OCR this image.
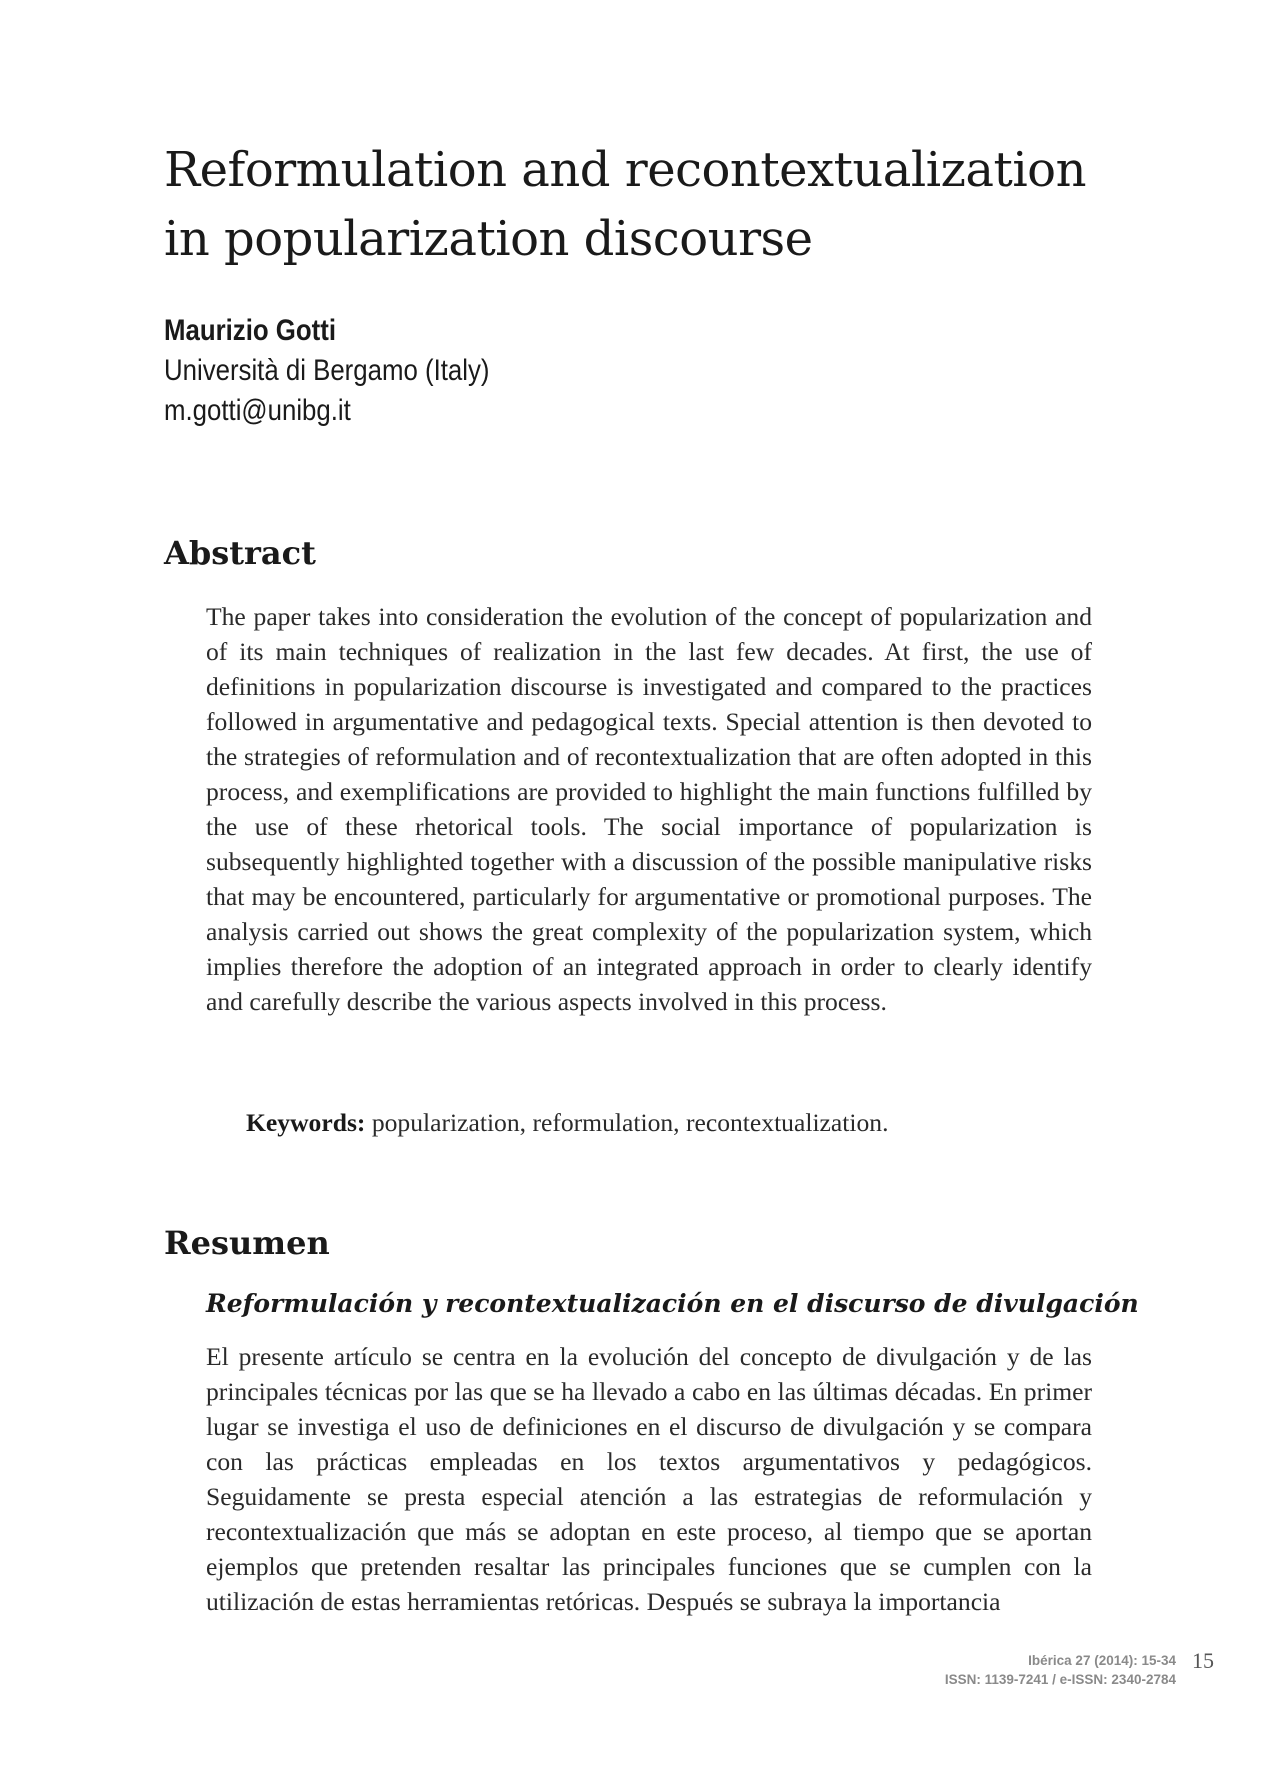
Reformulation and recontextualization in popularization discourse
Maurizio Gotti
Università di Bergamo (Italy)
m.gotti@unibg.it
Abstract

The paper takes into consideration the evolution of the concept of popularization and of its main techniques of realization in the last few decades. At first, the use of definitions in popularization discourse is investigated and compared to the practices followed in argumentative and pedagogical texts. Special attention is then devoted to the strategies of reformulation and of recontextualization that are often adopted in this process, and exemplifications are provided to highlight the main functions fulfilled by the use of these rhetorical tools. The social importance of popularization is subsequently highlighted together with a discussion of the possible manipulative risks that may be encountered, particularly for argumentative or promotional purposes. The analysis carried out shows the great complexity of the popularization system, which implies therefore the adoption of an integrated approach in order to clearly identify and carefully describe the various aspects involved in this process.

Keywords: popularization, reformulation, recontextualization.
Resumen
Reformulación y recontextualización en el discurso de divulgación

El presente artículo se centra en la evolución del concepto de divulgación y de las principales técnicas por las que se ha llevado a cabo en las últimas décadas. En primer lugar se investiga el uso de definiciones en el discurso de divulgación y se compara con las prácticas empleadas en los textos argumentativos y pedagógicos. Seguidamente se presta especial atención a las estrategias de reformulación y recontextualización que más se adoptan en este proceso, al tiempo que se aportan ejemplos que pretenden resaltar las principales funciones que se cumplen con la utilización de estas herramientas retóricas. Después se subraya la importancia

Ibérica 27 (2014): 15-34
ISSN: 1139-7241 / e-ISSN: 2340-2784
15
